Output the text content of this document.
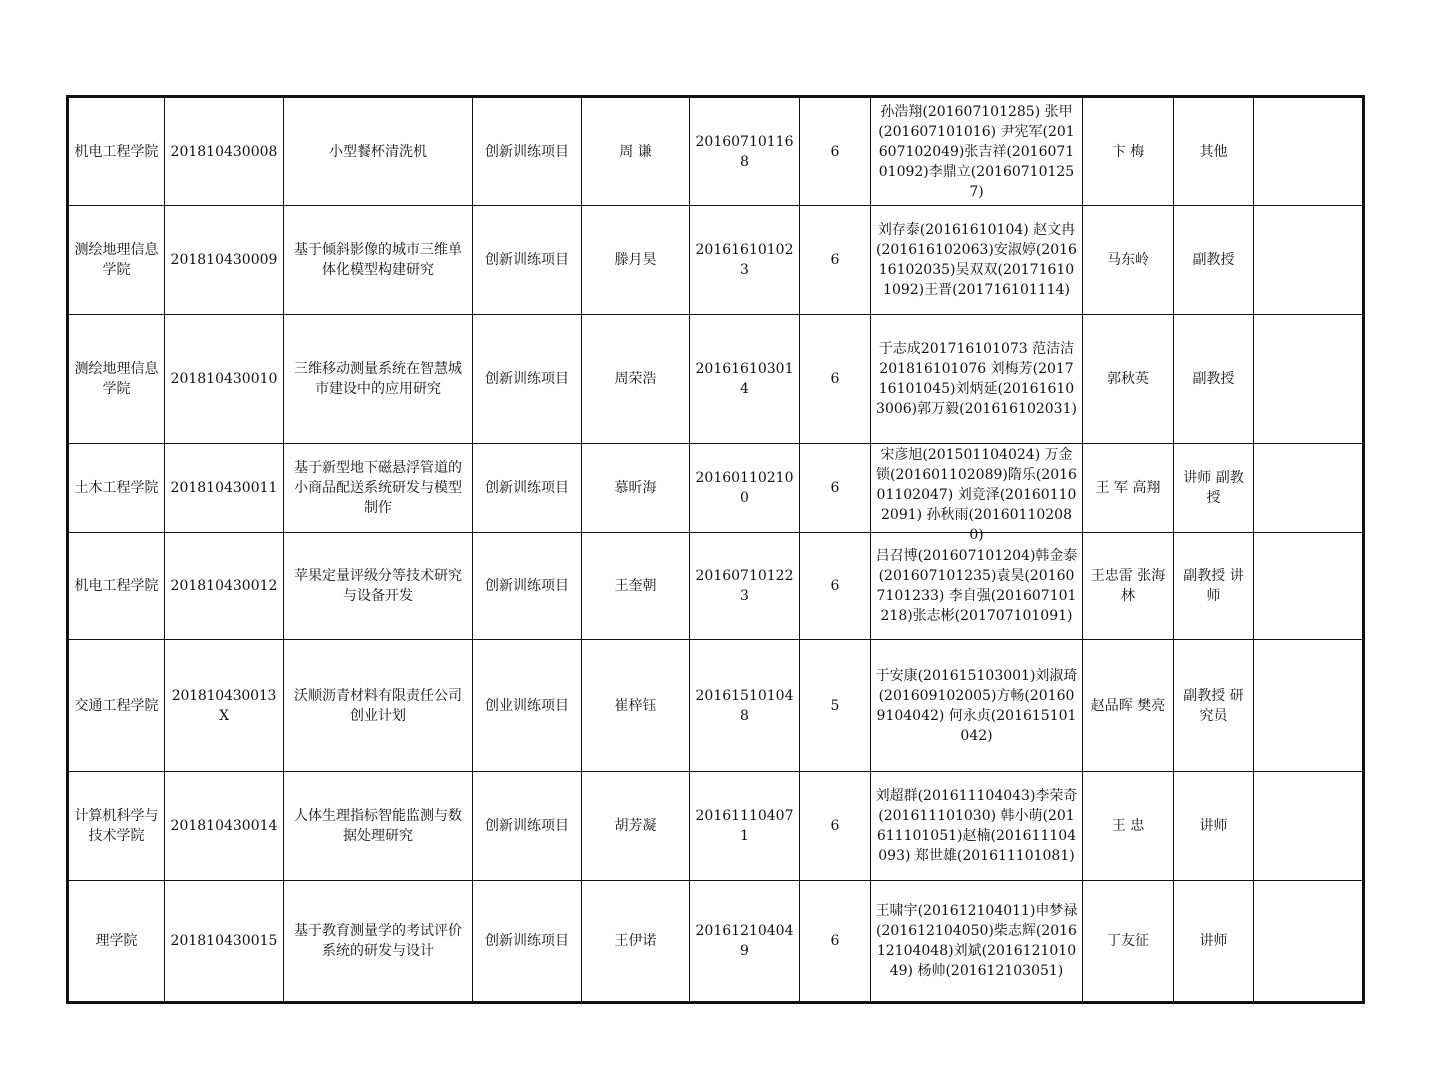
机电工程学院	201810430008	小型餐杯清洗机	创新训练项目	周 谦	201607101168	6	孙浩翔(201607101285) 张甲(201607101016) 尹宪军(201607102049)张吉祥(201607101092)李鼎立(201607101257)	卞 梅	其他	
测绘地理信息学院	201810430009	基于倾斜影像的城市三维单体化模型构建研究	创新训练项目	滕月昊	201616101023	6	刘存泰(20161610104) 赵文冉(201616102063)安淑婷(201616102035)吴双双(201716101092)王晋(201716101114)	马东岭	副教授	
测绘地理信息学院	201810430010	三维移动测量系统在智慧城市建设中的应用研究	创新训练项目	周荣浩	201616103014	6	于志成201716101073 范洁洁201816101076 刘梅芳(201716101045)刘炳延(201616103006)郭万毅(201616102031)	郭秋英	副教授	
土木工程学院	201810430011	基于新型地下磁悬浮管道的小商品配送系统研发与模型制作	创新训练项目	慕昕海	201601102100	6	宋彦旭(201501104024) 万金锁(201601102089)隋乐(201601102047) 刘竞泽(201601102091) 孙秋雨(201601102080)	王 军 高翔	讲师 副教授	
机电工程学院	201810430012	苹果定量评级分等技术研究与设备开发	创新训练项目	王奎朝	201607101223	6	吕召博(201607101204)韩金泰(201607101235)袁昊(201607101233) 李自强(201607101218)张志彬(201707101091)	王忠雷 张海林	副教授 讲师	
交通工程学院	201810430013X	沃顺沥青材料有限责任公司创业计划	创业训练项目	崔梓钰	201615101048	5	于安康(201615103001)刘淑琦(201609102005)方畅(201609104042) 何永贞(201615101042)	赵品晖 樊亮	副教授 研究员	
计算机科学与技术学院	201810430014	人体生理指标智能监测与数据处理研究	创新训练项目	胡芳凝	201611104071	6	刘超群(201611104043)李荣奇(201611101030) 韩小萌(201611101051)赵楠(201611104093) 郑世雄(201611101081)	王 忠	讲师	
理学院	201810430015	基于教育测量学的考试评价系统的研发与设计	创新训练项目	王伊诺	201612104049	6	王啸宇(201612104011)申梦禄(201612104050)柴志辉(201612104048)刘斌(201612101049) 杨帅(201612103051)	丁友征	讲师	
